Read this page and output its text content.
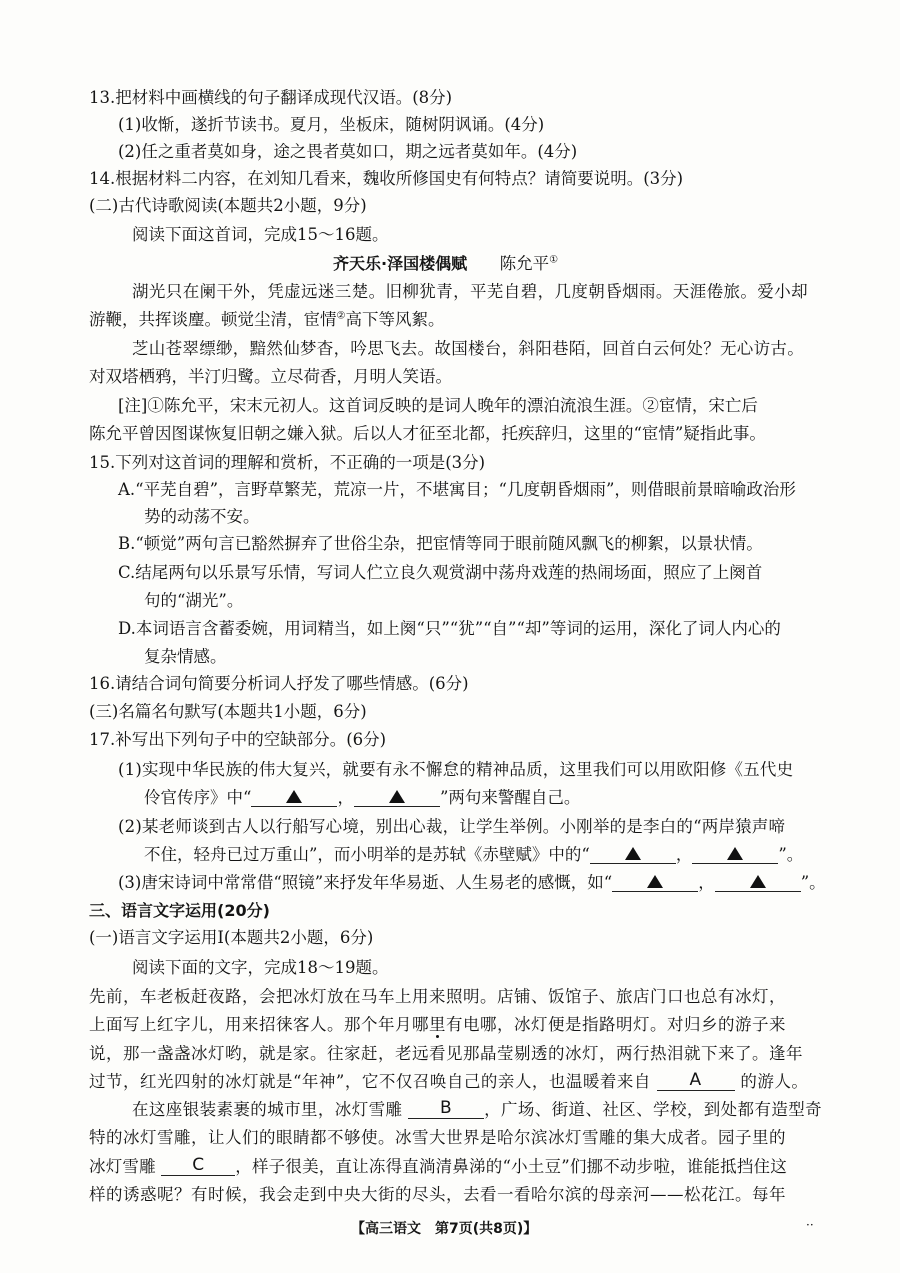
13.把材料中画横线的句子翻译成现代汉语。(8分)
(1)收惭，遂折节读书。夏月，坐板床，随树阴讽诵。(4分)
(2)任之重者莫如身，途之畏者莫如口，期之远者莫如年。(4分)
14.根据材料二内容，在刘知几看来，魏收所修国史有何特点？请简要说明。(3分)
(二)古代诗歌阅读(本题共2小题，9分)
阅读下面这首词，完成15～16题。
齐天乐·泽国楼偶赋 陈允平①
湖光只在阑干外，凭虚远迷三楚。旧柳犹青，平芜自碧，几度朝昏烟雨。天涯倦旅。爱小却
游鞭，共挥谈麈。顿觉尘清，宦情②高下等风絮。
芝山苍翠缥缈，黯然仙梦杳，吟思飞去。故国楼台，斜阳巷陌，回首白云何处？无心访古。
对双塔栖鸦，半汀归鹭。立尽荷香，月明人笑语。
[注]①陈允平，宋末元初人。这首词反映的是词人晚年的漂泊流浪生涯。②宦情，宋亡后
陈允平曾因图谋恢复旧朝之嫌入狱。后以人才征至北都，托疾辞归，这里的“宦情”疑指此事。
15.下列对这首词的理解和赏析，不正确的一项是(3分)
A.“平芜自碧”，言野草繁芜，荒凉一片，不堪寓目；“几度朝昏烟雨”，则借眼前景暗喻政治形
势的动荡不安。
B.“顿觉”两句言已豁然摒弃了世俗尘杂，把宦情等同于眼前随风飘飞的柳絮，以景状情。
C.结尾两句以乐景写乐情，写词人伫立良久观赏湖中荡舟戏莲的热闹场面，照应了上阕首
句的“湖光”。
D.本词语言含蓄委婉，用词精当，如上阕“只”“犹”“自”“却”等词的运用，深化了词人内心的
复杂情感。
16.请结合词句简要分析词人抒发了哪些情感。(6分)
(三)名篇名句默写(本题共1小题，6分)
17.补写出下列句子中的空缺部分。(6分)
(1)实现中华民族的伟大复兴，就要有永不懈怠的精神品质，这里我们可以用欧阳修《五代史
伶官传序》中“	，	”两句来警醒自己。
(2)某老师谈到古人以行船写心境，别出心裁，让学生举例。小刚举的是李白的“两岸猿声啼
不住，轻舟已过万重山”，而小明举的是苏轼《赤壁赋》中的“	，	”。
(3)唐宋诗词中常常借“照镜”来抒发年华易逝、人生易老的感慨，如“	，	”。
三、语言文字运用(20分)
(一)语言文字运用Ⅰ(本题共2小题，6分)
阅读下面的文字，完成18～19题。
先前，车老板赶夜路，会把冰灯放在马车上用来照明。店铺、饭馆子、旅店门口也总有冰灯，
上面写上红字儿，用来招徕客人。那个年月哪里有电哪，冰灯便是指路明灯。对归乡的游子来
说，那一盏盏冰灯哟，就是家。往家赶，老远看见那晶莹剔透的冰灯，两行热泪就下来了。逢年
过节，红光四射的冰灯就是“年神”，它不仅召唤自己的亲人，也温暖着来自 A 的游人。
在这座银装素裹的城市里，冰灯雪雕 B ，广场、街道、社区、学校，到处都有造型奇
特的冰灯雪雕，让人们的眼睛都不够使。冰雪大世界是哈尔滨冰灯雪雕的集大成者。园子里的
冰灯雪雕 C ，样子很美，直让冻得直淌清鼻涕的“小土豆”们挪不动步啦，谁能抵挡住这
样的诱惑呢？有时候，我会走到中央大街的尽头，去看一看哈尔滨的母亲河——松花江。每年
【高三语文　第7页(共8页)】	··
